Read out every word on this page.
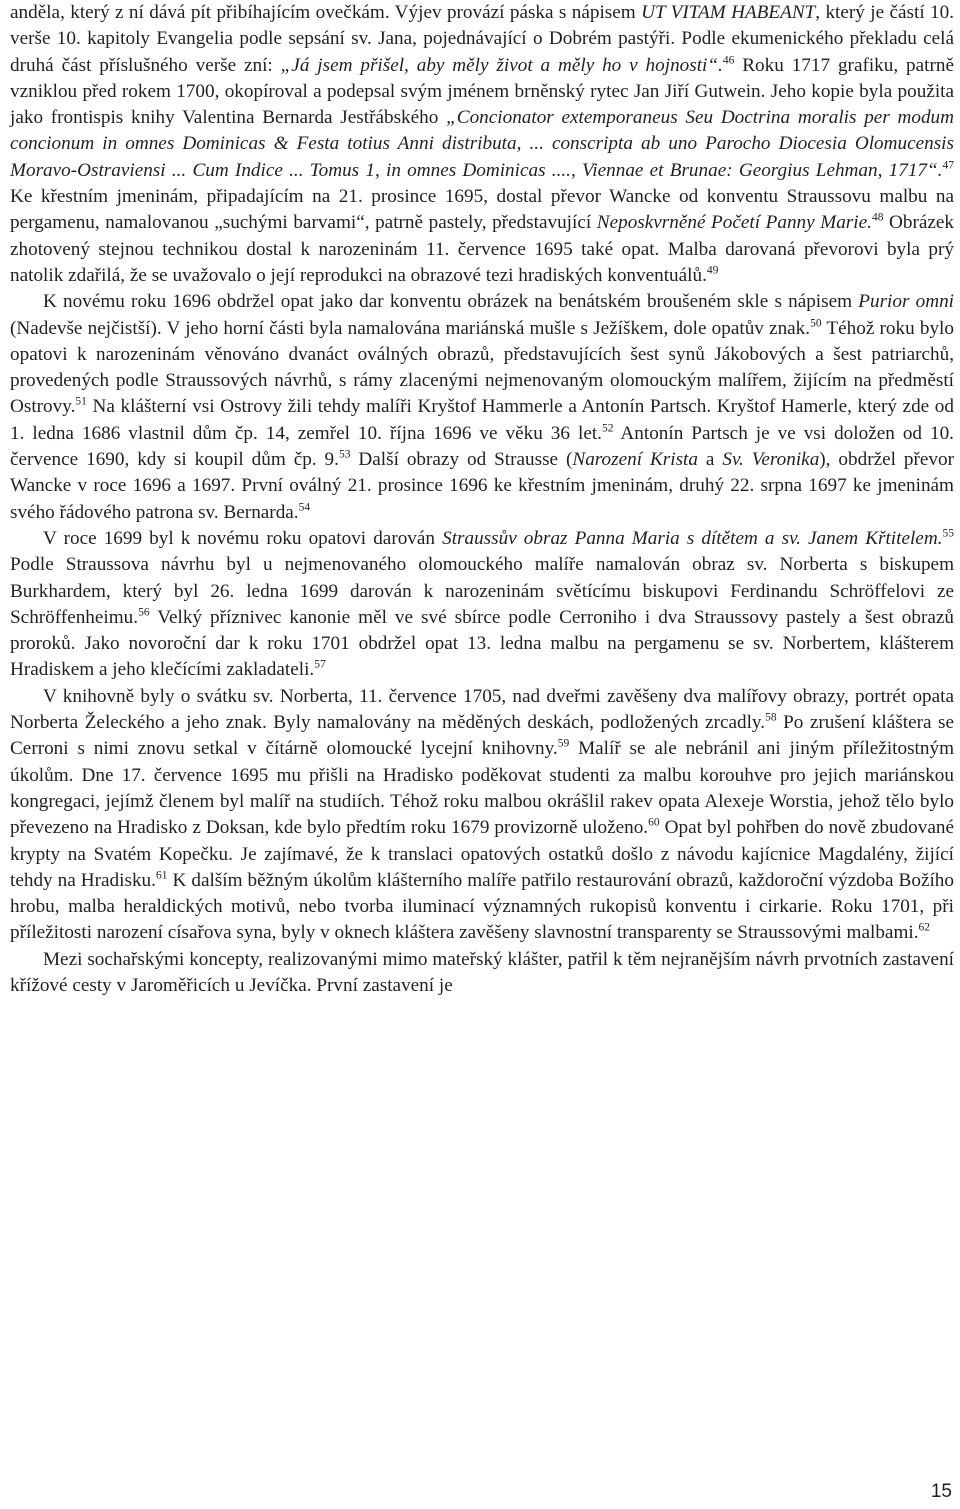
anděla, který z ní dává pít přibíhajícím ovečkám. Výjev provází páska s nápisem UT VITAM HABEANT, který je částí 10. verše 10. kapitoly Evangelia podle sepsání sv. Jana, pojednávající o Dobrém pastýři. Podle ekumenického překladu celá druhá část příslušného verše zní: „Já jsem přišel, aby měly život a měly ho v hojnosti“.$^{46}$ Roku 1717 grafiku, patrně vzniklou před rokem 1700, okopíroval a podepsal svým jménem brněnský rytec Jan Jiří Gutwein. Jeho kopie byla použita jako frontispis knihy Valentina Bernarda Jestřábského „Concionator extemporaneus Seu Doctrina moralis per modum concionum in omnes Dominicas & Festa totius Anni distributa, ... conscripta ab uno Parocho Diocesia Olomucensis Moravo-Ostraviensi ... Cum Indice ... Tomus 1, in omnes Dominicas ...., Viennae et Brunae: Georgius Lehman, 1717“.$^{47}$ Ke křestním jmeninám, připadajícím na 21. prosince 1695, dostal převor Wancke od konventu Straussovu malbu na pergamenu, namalovanou „suchými barvami“, patrně pastely, představující Neposkvrněné Početí Panny Marie.$^{48}$ Obrázek zhotovený stejnou technikou dostal k narozeninám 11. července 1695 také opat. Malba darovaná převorovi byla prý natolik zdařilá, že se uvažovalo o její reprodukci na obrazové tezi hradiských konventuálů.$^{49}$

K novému roku 1696 obdržel opat jako dar konventu obrázek na benátském broušeném skle s nápisem Purior omni (Nadevše nejčistší). V jeho horní části byla namalována mariánská mušle s Ježíškem, dole opatův znak.$^{50}$ Téhož roku bylo opatovi k narozeninám věnováno dvanáct oválných obrazů, představujících šest synů Jákobových a šest patriarchů, provedených podle Straussových návrhů, s rámy zlacenými nejmenovaným olomouckým malířem, žijícím na předměstí Ostrovy.$^{51}$ Na klášterní vsi Ostrovy žili tehdy malíři Kryštof Hammerle a Antonín Partsch. Kryštof Hamerle, který zde od 1. ledna 1686 vlastnil dům čp. 14, zemřel 10. října 1696 ve věku 36 let.$^{52}$ Antonín Partsch je ve vsi doložen od 10. července 1690, kdy si koupil dům čp. 9.53 Další obrazy od Strausse (Narození Krista a Sv. Veronika), obdržel převor Wancke v roce 1696 a 1697. První oválný 21. prosince 1696 ke křestním jmeninám, druhý 22. srpna 1697 ke jmeninám svého řádového patrona sv. Bernarda.$^{54}$

V roce 1699 byl k novému roku opatovi darován Straussův obraz Panna Maria s dítětem a sv. Janem Křtitelem.$^{55}$ Podle Straussova návrhu byl u nejmenovaného olomouckého malíře namalován obraz sv. Norberta s biskupem Burkhardem, který byl 26. ledna 1699 darován k narozeninám světícímu biskupovi Ferdinandu Schröffelovi ze Schröffenheimu.$^{56}$ Velký příznivec kanonie měl ve své sbírce podle Cerroniho i dva Straussovy pastely a šest obrazů proroků. Jako novoroční dar k roku 1701 obdržel opat 13. ledna malbu na pergamenu se sv. Norbertem, klášterem Hradiskem a jeho klečícími zakladateli.$^{57}$

V knihovně byly o svátku sv. Norberta, 11. července 1705, nad dveřmi zavěšeny dva malířovy obrazy, portrét opata Norberta Želeckého a jeho znak. Byly namalovány na měděných deskách, podložených zrcadly.$^{58}$ Po zrušení kláštera se Cerroni s nimi znovu setkal v čítárně olomoucké lycejní knihovny.$^{59}$ Malíř se ale nebránil ani jiným příležitostným úkolům. Dne 17. července 1695 mu přišli na Hradisko poděkovat studenti za malbu korouhve pro jejich mariánskou kongregaci, jejímž členem byl malíř na studiích. Téhož roku malbou okrášlil rakev opata Alexeje Worstia, jehož tělo bylo převezeno na Hradisko z Doksan, kde bylo předtím roku 1679 provizorně uloženo.$^{60}$ Opat byl pohřben do nově zbudované krypty na Svatém Kopečku. Je zajímavé, že k translaci opatových ostatků došlo z návodu kajícnice Magdalény, žijící tehdy na Hradisku.$^{61}$ K dalším běžným úkolům klášterního malíře patřilo restaurování obrazů, každoroční výzdoba Božího hrobu, malba heraldických motivů, nebo tvorba iluminací významných rukopisů konventu i cirkarie. Roku 1701, při příležitosti narození císařova syna, byly v oknech kláštera zavěšeny slavnostní transparenty se Straussovými malbami.$^{62}$

Mezi sochařskými koncepty, realizovanými mimo mateřský klášter, patřil k těm nejranějším návrh prvotních zastavení křížové cesty v Jaroměřicích u Jevíčka. První zastavení je

15
